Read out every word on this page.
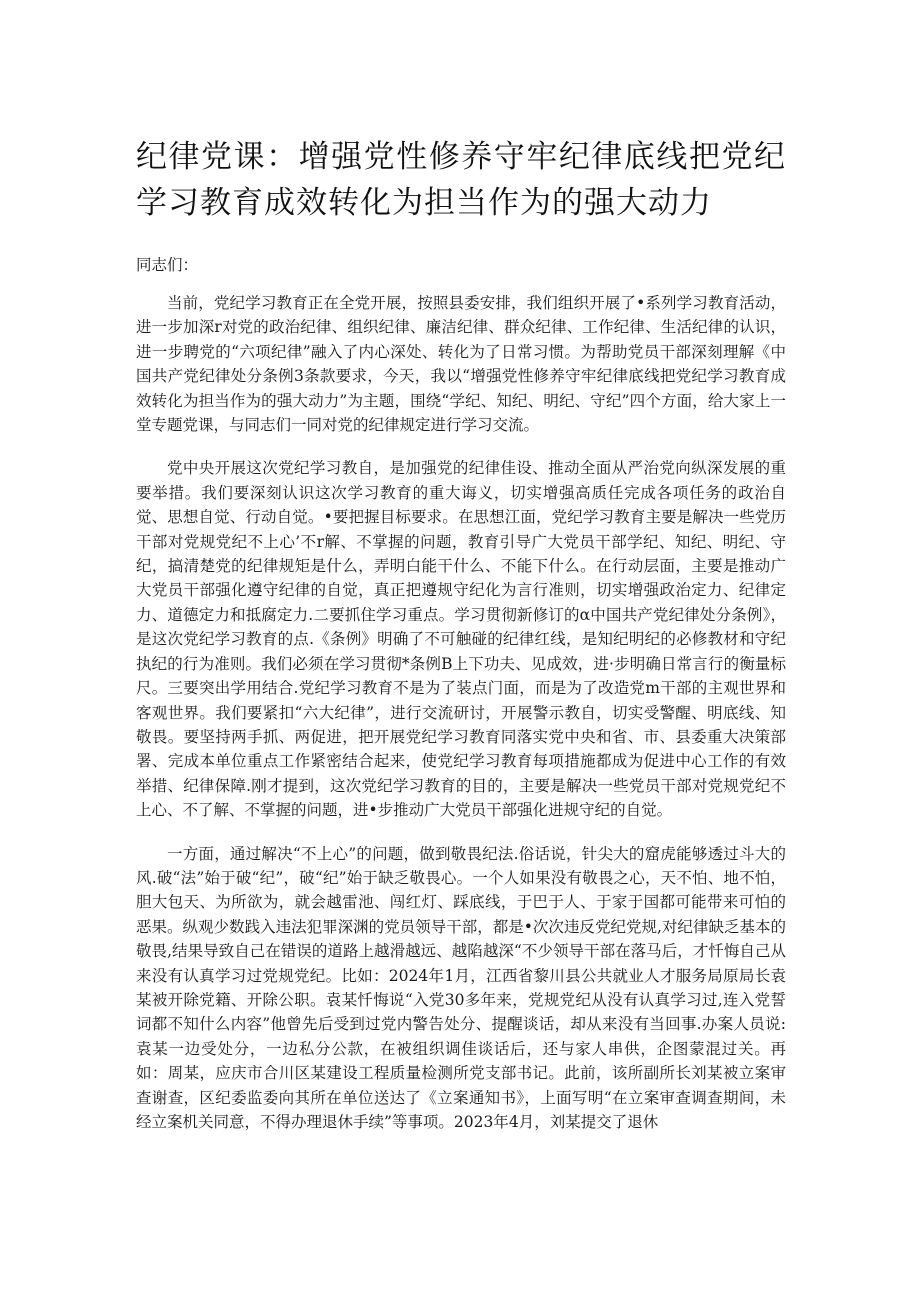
纪律党课：增强党性修养守牢纪律底线把党纪学习教育成效转化为担当作为的强大动力

同志们：

当前，党纪学习教育正在全党开展，按照县委安排，我们组织开展了•系列学习教育活动，进一步加深r对党的政治纪律、组织纪律、廉洁纪律、群众纪律、工作纪律、生活纪律的认识，进一步聘党的“六项纪律”融入了内心深处、转化为了日常习惯。为帮助党员干部深刻理解《中国共产党纪律处分条例3条款要求，今天，我以“增强党性修养守牢纪律底线把党纪学习教育成效转化为担当作为的强大动力”为主题，围绕“学纪、知纪、明纪、守纪”四个方面，给大家上一堂专题党课，与同志们一同对党的纪律规定进行学习交流。

党中央开展这次党纪学习教自，是加强党的纪律佳设、推动全面从严治党向纵深发展的重要举措。我们要深刻认识这次学习教育的重大诲义，切实增强高质任完成各项任务的政治自觉、思想自觉、行动自觉。•要把握目标要求。在思想江面，党纪学习教育主要是解决一些党历干部对党规党纪不上心’不r解、不掌握的问题，教育引导广大党员干部学纪、知纪、明纪、守纪，搞清楚党的纪律规矩是什么，弄明白能干什么、不能下什么。在行动层面，主要是推动广大党员干部强化遵守纪律的自觉，真正把遵规守纪化为言行准则，切实增强政治定力、纪律定力、道德定力和抵腐定力.二要抓住学习重点。学习贯彻新修订的α中国共产党纪律处分条例》，是这次党纪学习教育的点.《条例》明确了不可触碰的纪律红线，是知纪明纪的必修教材和守纪执纪的行为准则。我们必须在学习贯彻*条例B上下功夫、见成效，进·步明确日常言行的衡量标尺。三要突出学用结合.党纪学习教育不是为了装点门面，而是为了改造党m干部的主观世界和客观世界。我们要紧扣“六大纪律”，进行交流研讨，开展警示教自，切实受警醒、明底线、知敬畏。要坚持两手抓、两促进，把开展党纪学习教育同落实党中央和省、市、县委重大决策部署、完成本单位重点工作紧密结合起来，使党纪学习教育每项措施都成为促进中心工作的有效举措、纪律保障.刚才提到，这次党纪学习教育的目的，主要是解决一些党员干部对党规党纪不上心、不了解、不掌握的问题，进•步推动广大党员干部强化进规守纪的自觉。

一方面，通过解决“不上心”的问题，做到敬畏纪法.俗话说，针尖大的窟虎能够透过斗大的风.破“法”始于破“纪”，破“纪”始于缺乏敬畏心。一个人如果没有敬畏之心，天不怕、地不怕，胆大包天、为所欲为，就会越雷池、闯红灯、踩底线，于巴于人、于家于国都可能带来可怕的恶果。纵观少数践入违法犯罪深渊的党员领导干部，都是•次次违反党纪党规,对纪律缺乏基本的敬畏,结果导致自己在错误的道路上越滑越远、越陷越深“不少领导干部在落马后，才忏悔自己从来没有认真学习过党规党纪。比如：2024年1月，江西省黎川县公共就业人才服务局原局长袁某被开除党籍、开除公职。袁某忏悔说“入党30多年来，党规党纪从没有认真学习过,连入党誓词都不知什么内容”他曾先后受到过党内警告处分、提醒谈话，却从来没有当回事.办案人员说:袁某一边受处分，一边私分公款，在被组织调佳谈话后，还与家人串供，企图蒙混过关。再如：周某，应庆市合川区某建设工程质量检测所党支部书记。此前，该所副所长刘某被立案审查谢查，区纪委监委向其所在单位送达了《立案通知书》，上面写明“在立案审查调查期间，未经立案机关同意，不得办理退休手续”等事项。2023年4月，刘某提交了退休
